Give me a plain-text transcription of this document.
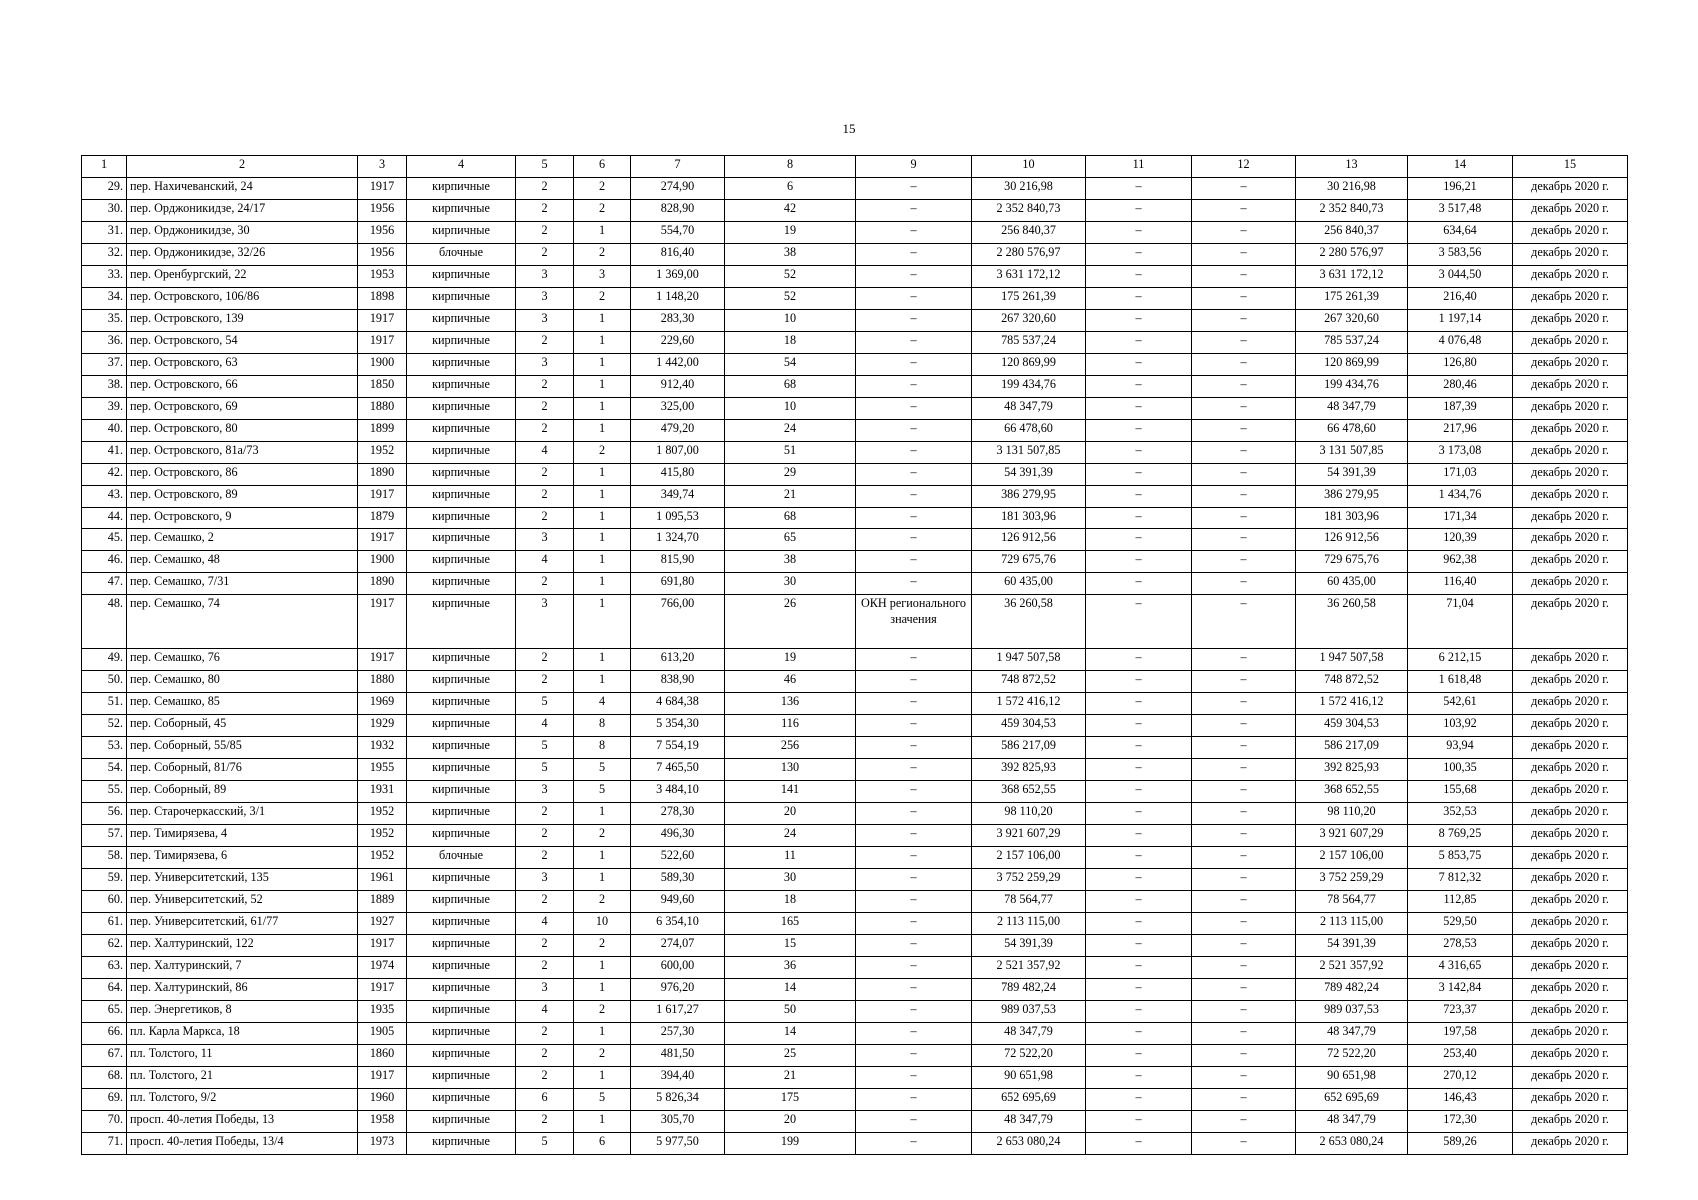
15
1	2	3	4	5	6	7	8	9	10	11	12	13	14	15
29.	пер. Нахичеванский, 24	1917	кирпичные	2	2	274,90	6	–	30 216,98	–	–	30 216,98	196,21	декабрь 2020 г.
30.	пер. Орджоникидзе, 24/17	1956	кирпичные	2	2	828,90	42	–	2 352 840,73	–	–	2 352 840,73	3 517,48	декабрь 2020 г.
31.	пер. Орджоникидзе, 30	1956	кирпичные	2	1	554,70	19	–	256 840,37	–	–	256 840,37	634,64	декабрь 2020 г.
32.	пер. Орджоникидзе, 32/26	1956	блочные	2	2	816,40	38	–	2 280 576,97	–	–	2 280 576,97	3 583,56	декабрь 2020 г.
33.	пер. Оренбургский, 22	1953	кирпичные	3	3	1 369,00	52	–	3 631 172,12	–	–	3 631 172,12	3 044,50	декабрь 2020 г.
34.	пер. Островского, 106/86	1898	кирпичные	3	2	1 148,20	52	–	175 261,39	–	–	175 261,39	216,40	декабрь 2020 г.
35.	пер. Островского, 139	1917	кирпичные	3	1	283,30	10	–	267 320,60	–	–	267 320,60	1 197,14	декабрь 2020 г.
36.	пер. Островского, 54	1917	кирпичные	2	1	229,60	18	–	785 537,24	–	–	785 537,24	4 076,48	декабрь 2020 г.
37.	пер. Островского, 63	1900	кирпичные	3	1	1 442,00	54	–	120 869,99	–	–	120 869,99	126,80	декабрь 2020 г.
38.	пер. Островского, 66	1850	кирпичные	2	1	912,40	68	–	199 434,76	–	–	199 434,76	280,46	декабрь 2020 г.
39.	пер. Островского, 69	1880	кирпичные	2	1	325,00	10	–	48 347,79	–	–	48 347,79	187,39	декабрь 2020 г.
40.	пер. Островского, 80	1899	кирпичные	2	1	479,20	24	–	66 478,60	–	–	66 478,60	217,96	декабрь 2020 г.
41.	пер. Островского, 81а/73	1952	кирпичные	4	2	1 807,00	51	–	3 131 507,85	–	–	3 131 507,85	3 173,08	декабрь 2020 г.
42.	пер. Островского, 86	1890	кирпичные	2	1	415,80	29	–	54 391,39	–	–	54 391,39	171,03	декабрь 2020 г.
43.	пер. Островского, 89	1917	кирпичные	2	1	349,74	21	–	386 279,95	–	–	386 279,95	1 434,76	декабрь 2020 г.
44.	пер. Островского, 9	1879	кирпичные	2	1	1 095,53	68	–	181 303,96	–	–	181 303,96	171,34	декабрь 2020 г.
45.	пер. Семашко, 2	1917	кирпичные	3	1	1 324,70	65	–	126 912,56	–	–	126 912,56	120,39	декабрь 2020 г.
46.	пер. Семашко, 48	1900	кирпичные	4	1	815,90	38	–	729 675,76	–	–	729 675,76	962,38	декабрь 2020 г.
47.	пер. Семашко, 7/31	1890	кирпичные	2	1	691,80	30	–	60 435,00	–	–	60 435,00	116,40	декабрь 2020 г.
48.	пер. Семашко, 74	1917	кирпичные	3	1	766,00	26	ОКН регионального значения	36 260,58	–	–	36 260,58	71,04	декабрь 2020 г.
49.	пер. Семашко, 76	1917	кирпичные	2	1	613,20	19	–	1 947 507,58	–	–	1 947 507,58	6 212,15	декабрь 2020 г.
50.	пер. Семашко, 80	1880	кирпичные	2	1	838,90	46	–	748 872,52	–	–	748 872,52	1 618,48	декабрь 2020 г.
51.	пер. Семашко, 85	1969	кирпичные	5	4	4 684,38	136	–	1 572 416,12	–	–	1 572 416,12	542,61	декабрь 2020 г.
52.	пер. Соборный, 45	1929	кирпичные	4	8	5 354,30	116	–	459 304,53	–	–	459 304,53	103,92	декабрь 2020 г.
53.	пер. Соборный, 55/85	1932	кирпичные	5	8	7 554,19	256	–	586 217,09	–	–	586 217,09	93,94	декабрь 2020 г.
54.	пер. Соборный, 81/76	1955	кирпичные	5	5	7 465,50	130	–	392 825,93	–	–	392 825,93	100,35	декабрь 2020 г.
55.	пер. Соборный, 89	1931	кирпичные	3	5	3 484,10	141	–	368 652,55	–	–	368 652,55	155,68	декабрь 2020 г.
56.	пер. Старочеркасский, 3/1	1952	кирпичные	2	1	278,30	20	–	98 110,20	–	–	98 110,20	352,53	декабрь 2020 г.
57.	пер. Тимирязева, 4	1952	кирпичные	2	2	496,30	24	–	3 921 607,29	–	–	3 921 607,29	8 769,25	декабрь 2020 г.
58.	пер. Тимирязева, 6	1952	блочные	2	1	522,60	11	–	2 157 106,00	–	–	2 157 106,00	5 853,75	декабрь 2020 г.
59.	пер. Университетский, 135	1961	кирпичные	3	1	589,30	30	–	3 752 259,29	–	–	3 752 259,29	7 812,32	декабрь 2020 г.
60.	пер. Университетский, 52	1889	кирпичные	2	2	949,60	18	–	78 564,77	–	–	78 564,77	112,85	декабрь 2020 г.
61.	пер. Университетский, 61/77	1927	кирпичные	4	10	6 354,10	165	–	2 113 115,00	–	–	2 113 115,00	529,50	декабрь 2020 г.
62.	пер. Халтуринский, 122	1917	кирпичные	2	2	274,07	15	–	54 391,39	–	–	54 391,39	278,53	декабрь 2020 г.
63.	пер. Халтуринский, 7	1974	кирпичные	2	1	600,00	36	–	2 521 357,92	–	–	2 521 357,92	4 316,65	декабрь 2020 г.
64.	пер. Халтуринский, 86	1917	кирпичные	3	1	976,20	14	–	789 482,24	–	–	789 482,24	3 142,84	декабрь 2020 г.
65.	пер. Энергетиков, 8	1935	кирпичные	4	2	1 617,27	50	–	989 037,53	–	–	989 037,53	723,37	декабрь 2020 г.
66.	пл. Карла Маркса, 18	1905	кирпичные	2	1	257,30	14	–	48 347,79	–	–	48 347,79	197,58	декабрь 2020 г.
67.	пл. Толстого, 11	1860	кирпичные	2	2	481,50	25	–	72 522,20	–	–	72 522,20	253,40	декабрь 2020 г.
68.	пл. Толстого, 21	1917	кирпичные	2	1	394,40	21	–	90 651,98	–	–	90 651,98	270,12	декабрь 2020 г.
69.	пл. Толстого, 9/2	1960	кирпичные	6	5	5 826,34	175	–	652 695,69	–	–	652 695,69	146,43	декабрь 2020 г.
70.	просп. 40-летия Победы, 13	1958	кирпичные	2	1	305,70	20	–	48 347,79	–	–	48 347,79	172,30	декабрь 2020 г.
71.	просп. 40-летия Победы, 13/4	1973	кирпичные	5	6	5 977,50	199	–	2 653 080,24	–	–	2 653 080,24	589,26	декабрь 2020 г.
